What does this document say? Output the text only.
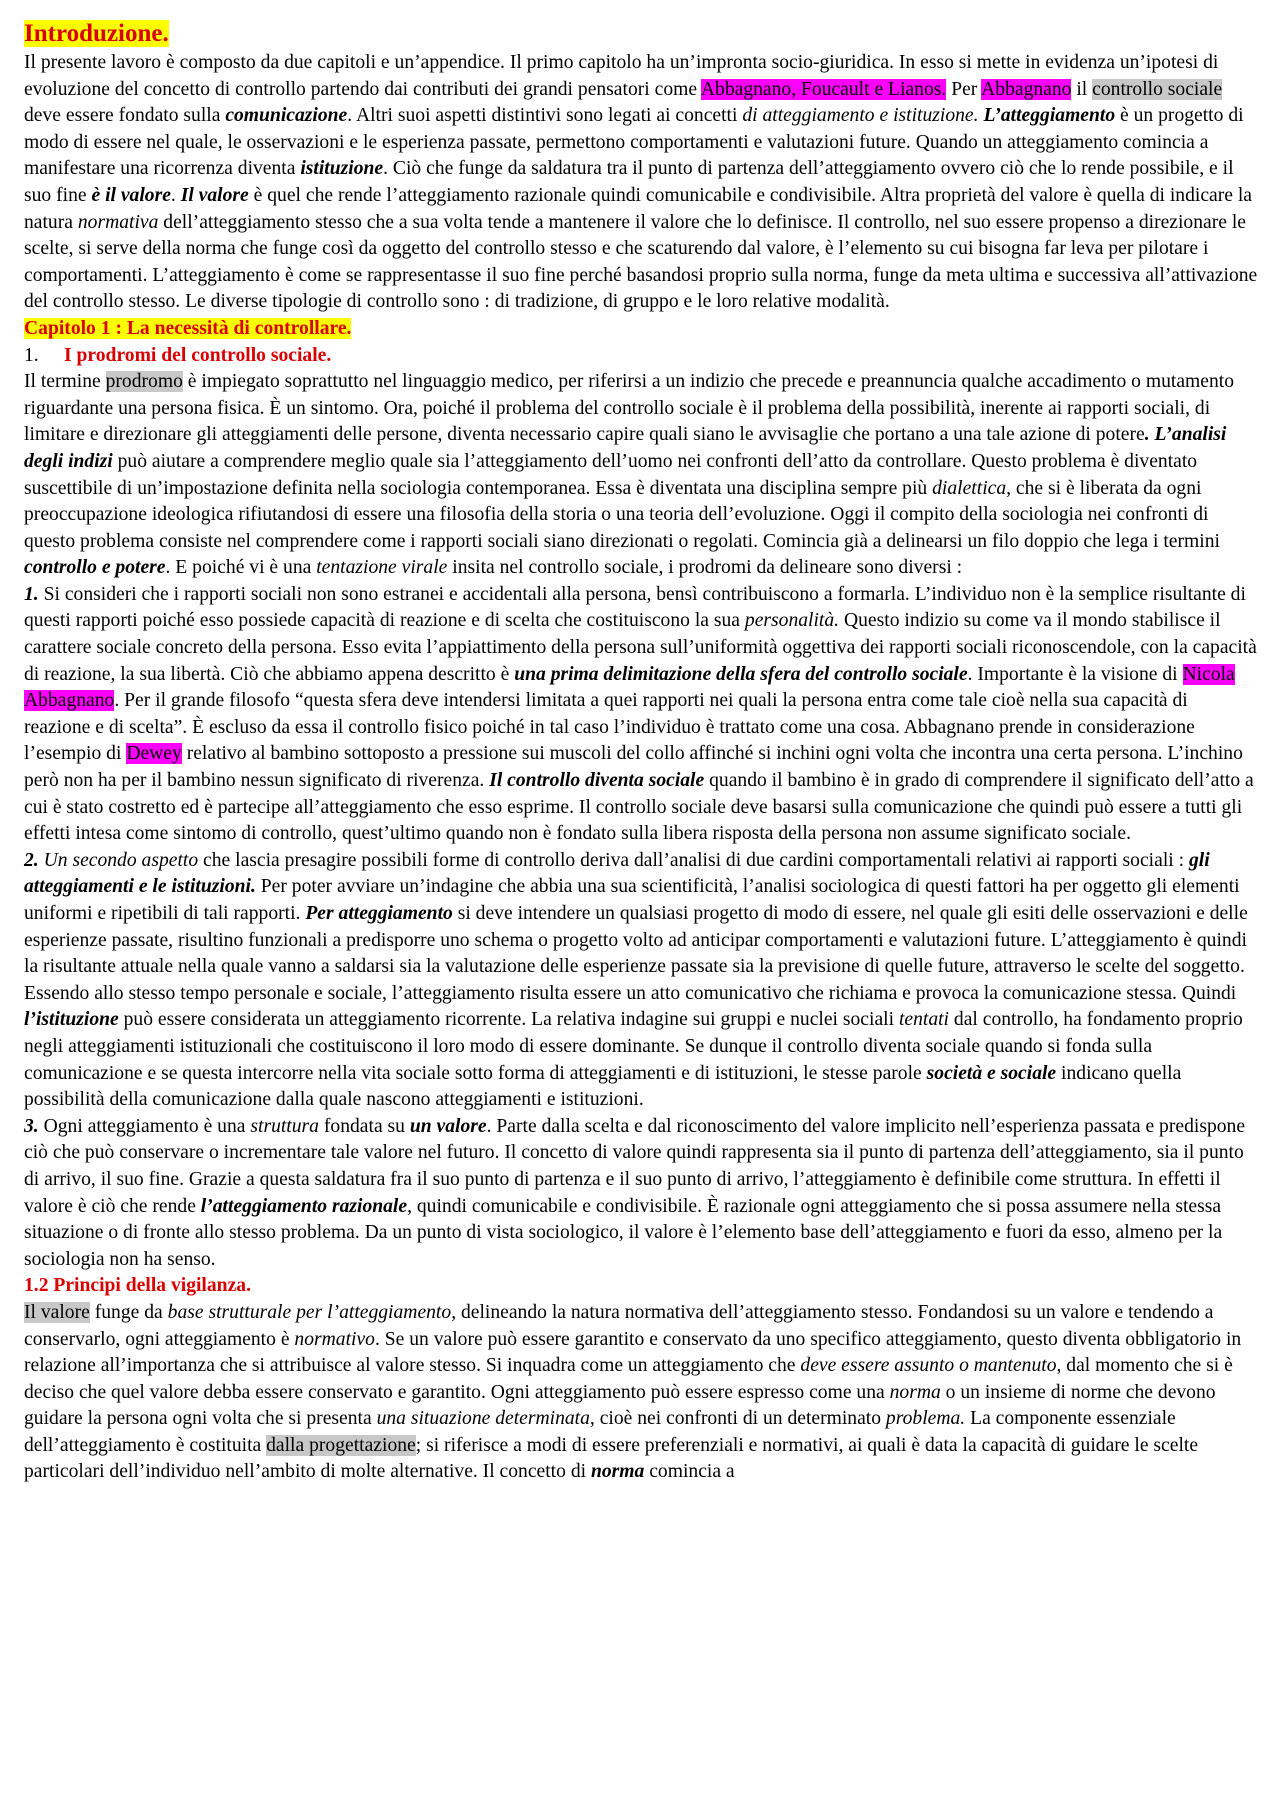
Introduzione.

Il presente lavoro è composto da due capitoli e un’appendice. Il primo capitolo ha un’impronta socio-giuridica. In esso si mette in evidenza un’ipotesi di evoluzione del concetto di controllo partendo dai contributi dei grandi pensatori come Abbagnano, Foucault e Lianos. Per Abbagnano il controllo sociale deve essere fondato sulla comunicazione. Altri suoi aspetti distintivi sono legati ai concetti di atteggiamento e istituzione. L’atteggiamento è un progetto di modo di essere nel quale, le osservazioni e le esperienza passate, permettono comportamenti e valutazioni future. Quando un atteggiamento comincia a manifestare una ricorrenza diventa istituzione. Ciò che funge da saldatura tra il punto di partenza dell’atteggiamento ovvero ciò che lo rende possibile, e il suo fine è il valore. Il valore è quel che rende l’atteggiamento razionale quindi comunicabile e condivisibile. Altra proprietà del valore è quella di indicare la natura normativa dell’atteggiamento stesso che a sua volta tende a mantenere il valore che lo definisce. Il controllo, nel suo essere propenso a direzionare le scelte, si serve della norma che funge così da oggetto del controllo stesso e che scaturendo dal valore, è l’elemento su cui bisogna far leva per pilotare i comportamenti. L’atteggiamento è come se rappresentasse il suo fine perché basandosi proprio sulla norma, funge da meta ultima e successiva all’attivazione del controllo stesso. Le diverse tipologie di controllo sono : di tradizione, di gruppo e le loro relative modalità.

Capitolo 1 : La necessità di controllare.
1. I prodromi del controllo sociale.

Il termine prodromo è impiegato soprattutto nel linguaggio medico, per riferirsi a un indizio che precede e preannuncia qualche accadimento o mutamento riguardante una persona fisica. È un sintomo. Ora, poiché il problema del controllo sociale è il problema della possibilità, inerente ai rapporti sociali, di limitare e direzionare gli atteggiamenti delle persone, diventa necessario capire quali siano le avvisaglie che portano a una tale azione di potere. L’analisi degli indizi può aiutare a comprendere meglio quale sia l’atteggiamento dell’uomo nei confronti dell’atto da controllare. Questo problema è diventato suscettibile di un’impostazione definita nella sociologia contemporanea. Essa è diventata una disciplina sempre più dialettica, che si è liberata da ogni preoccupazione ideologica rifiutandosi di essere una filosofia della storia o una teoria dell’evoluzione. Oggi il compito della sociologia nei confronti di questo problema consiste nel comprendere come i rapporti sociali siano direzionati o regolati. Comincia già a delinearsi un filo doppio che lega i termini controllo e potere. E poiché vi è una tentazione virale insita nel controllo sociale, i prodromi da delineare sono diversi :

1. Si consideri che i rapporti sociali non sono estranei e accidentali alla persona, bensì contribuiscono a formarla. L’individuo non è la semplice risultante di questi rapporti poiché esso possiede capacità di reazione e di scelta che costituiscono la sua personalità. Questo indizio su come va il mondo stabilisce il carattere sociale concreto della persona. Esso evita l’appiattimento della persona sull’uniformità oggettiva dei rapporti sociali riconoscendole, con la capacità di reazione, la sua libertà. Ciò che abbiamo appena descritto è una prima delimitazione della sfera del controllo sociale. Importante è la visione di Nicola Abbagnano. Per il grande filosofo “questa sfera deve intendersi limitata a quei rapporti nei quali la persona entra come tale cioè nella sua capacità di reazione e di scelta”. È escluso da essa il controllo fisico poiché in tal caso l’individuo è trattato come una cosa. Abbagnano prende in considerazione l’esempio di Dewey relativo al bambino sottoposto a pressione sui muscoli del collo affinché si inchini ogni volta che incontra una certa persona. L’inchino però non ha per il bambino nessun significato di riverenza. Il controllo diventa sociale quando il bambino è in grado di comprendere il significato dell’atto a cui è stato costretto ed è partecipe all’atteggiamento che esso esprime. Il controllo sociale deve basarsi sulla comunicazione che quindi può essere a tutti gli effetti intesa come sintomo di controllo, quest’ultimo quando non è fondato sulla libera risposta della persona non assume significato sociale.

2. Un secondo aspetto che lascia presagire possibili forme di controllo deriva dall’analisi di due cardini comportamentali relativi ai rapporti sociali : gli atteggiamenti e le istituzioni. Per poter avviare un’indagine che abbia una sua scientificità, l’analisi sociologica di questi fattori ha per oggetto gli elementi uniformi e ripetibili di tali rapporti. Per atteggiamento si deve intendere un qualsiasi progetto di modo di essere, nel quale gli esiti delle osservazioni e delle esperienze passate, risultino funzionali a predisporre uno schema o progetto volto ad anticipar comportamenti e valutazioni future. L’atteggiamento è quindi la risultante attuale nella quale vanno a saldarsi sia la valutazione delle esperienze passate sia la previsione di quelle future, attraverso le scelte del soggetto. Essendo allo stesso tempo personale e sociale, l’atteggiamento risulta essere un atto comunicativo che richiama e provoca la comunicazione stessa. Quindi l’istituzione può essere considerata un atteggiamento ricorrente. La relativa indagine sui gruppi e nuclei sociali tentati dal controllo, ha fondamento proprio negli atteggiamenti istituzionali che costituiscono il loro modo di essere dominante. Se dunque il controllo diventa sociale quando si fonda sulla comunicazione e se questa intercorre nella vita sociale sotto forma di atteggiamenti e di istituzioni, le stesse parole società e sociale indicano quella possibilità della comunicazione dalla quale nascono atteggiamenti e istituzioni.

3. Ogni atteggiamento è una struttura fondata su un valore. Parte dalla scelta e dal riconoscimento del valore implicito nell’esperienza passata e predispone ciò che può conservare o incrementare tale valore nel futuro. Il concetto di valore quindi rappresenta sia il punto di partenza dell’atteggiamento, sia il punto di arrivo, il suo fine. Grazie a questa saldatura fra il suo punto di partenza e il suo punto di arrivo, l’atteggiamento è definibile come struttura. In effetti il valore è ciò che rende l’atteggiamento razionale, quindi comunicabile e condivisibile. È razionale ogni atteggiamento che si possa assumere nella stessa situazione o di fronte allo stesso problema. Da un punto di vista sociologico, il valore è l’elemento base dell’atteggiamento e fuori da esso, almeno per la sociologia non ha senso.

1.2 Principi della vigilanza.

Il valore funge da base strutturale per l’atteggiamento, delineando la natura normativa dell’atteggiamento stesso. Fondandosi su un valore e tendendo a conservarlo, ogni atteggiamento è normativo. Se un valore può essere garantito e conservato da uno specifico atteggiamento, questo diventa obbligatorio in relazione all’importanza che si attribuisce al valore stesso. Si inquadra come un atteggiamento che deve essere assunto o mantenuto, dal momento che si è deciso che quel valore debba essere conservato e garantito. Ogni atteggiamento può essere espresso come una norma o un insieme di norme che devono guidare la persona ogni volta che si presenta una situazione determinata, cioè nei confronti di un determinato problema. La componente essenziale dell’atteggiamento è costituita dalla progettazione; si riferisce a modi di essere preferenziali e normativi, ai quali è data la capacità di guidare le scelte particolari dell’individuo nell’ambito di molte alternative. Il concetto di norma comincia a
